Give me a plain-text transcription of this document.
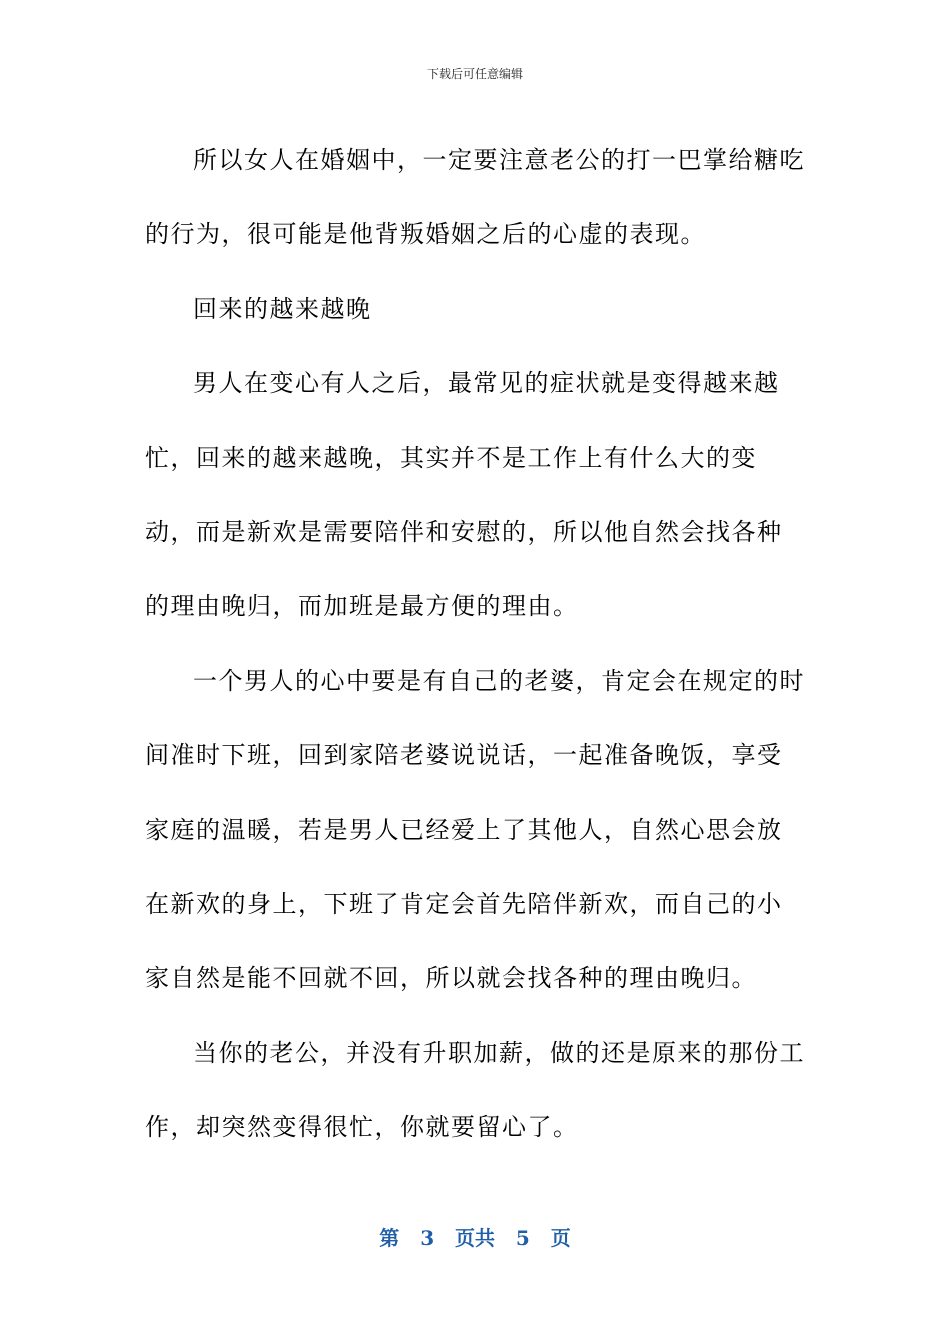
下载后可任意编辑

所以女人在婚姻中，一定要注意老公的打一巴掌给糖吃的行为，很可能是他背叛婚姻之后的心虚的表现。

回来的越来越晚

男人在变心有人之后，最常见的症状就是变得越来越忙，回来的越来越晚，其实并不是工作上有什么大的变动，而是新欢是需要陪伴和安慰的，所以他自然会找各种的理由晚归，而加班是最方便的理由。

一个男人的心中要是有自己的老婆，肯定会在规定的时间准时下班，回到家陪老婆说说话，一起准备晚饭，享受家庭的温暖，若是男人已经爱上了其他人，自然心思会放在新欢的身上，下班了肯定会首先陪伴新欢，而自己的小家自然是能不回就不回，所以就会找各种的理由晚归。

当你的老公，并没有升职加薪，做的还是原来的那份工作，却突然变得很忙，你就要留心了。

第 3 页共 5 页
